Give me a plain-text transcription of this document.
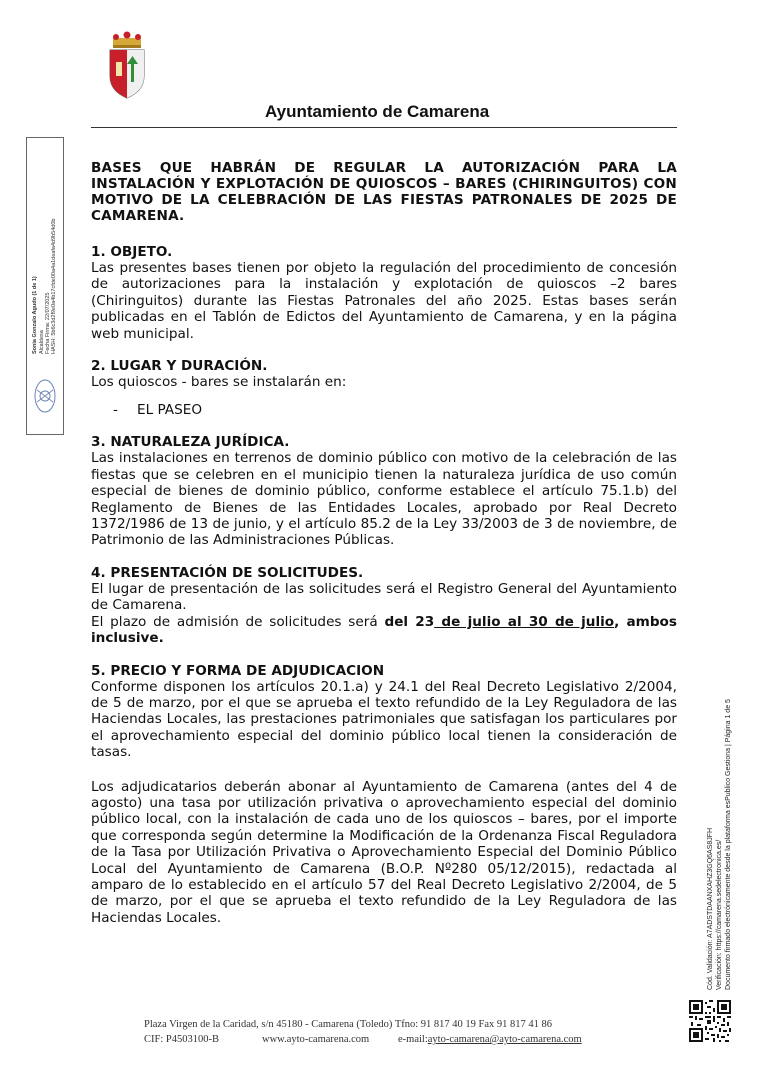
Ayuntamiento de Camarena
Sonia Gonzalo Agudo (1 de 1) Alcaldesa Fecha Firma: 22/07/2025 HASH: 5b6c3d2f9e0a4b17cfde00a4a1deafa4d9b54d0b

BASES QUE HABRÁN DE REGULAR LA AUTORIZACIÓN PARA LA INSTALACIÓN Y EXPLOTACIÓN DE QUIOSCOS – BARES (CHIRINGUITOS) CON MOTIVO DE LA CELEBRACIÓN DE LAS FIESTAS PATRONALES DE 2025 DE CAMARENA.

1. OBJETO.

Las presentes bases tienen por objeto la regulación del procedimiento de concesión de autorizaciones para la instalación y explotación de quioscos –2 bares (Chiringuitos) durante las Fiestas Patronales del año 2025. Estas bases serán publicadas en el Tablón de Edictos del Ayuntamiento de Camarena, y en la página web municipal.

2. LUGAR Y DURACIÓN.

Los quioscos - bares se instalarán en:

- EL PASEO

3. NATURALEZA JURÍDICA.

Las instalaciones en terrenos de dominio público con motivo de la celebración de las fiestas que se celebren en el municipio tienen la naturaleza jurídica de uso común especial de bienes de dominio público, conforme establece el artículo 75.1.b) del Reglamento de Bienes de las Entidades Locales, aprobado por Real Decreto 1372/1986 de 13 de junio, y el artículo 85.2 de la Ley 33/2003 de 3 de noviembre, de Patrimonio de las Administraciones Públicas.

4. PRESENTACIÓN DE SOLICITUDES.

El lugar de presentación de las solicitudes será el Registro General del Ayuntamiento de Camarena.

El plazo de admisión de solicitudes será del 23 de julio al 30 de julio, ambos inclusive.

5. PRECIO Y FORMA DE ADJUDICACION

Conforme disponen los artículos 20.1.a) y 24.1 del Real Decreto Legislativo 2/2004, de 5 de marzo, por el que se aprueba el texto refundido de la Ley Reguladora de las Haciendas Locales, las prestaciones patrimoniales que satisfagan los particulares por el aprovechamiento especial del dominio público local tienen la consideración de tasas.

Los adjudicatarios deberán abonar al Ayuntamiento de Camarena (antes del 4 de agosto) una tasa por utilización privativa o aprovechamiento especial del dominio público local, con la instalación de cada uno de los quioscos – bares, por el importe que corresponda según determine la Modificación de la Ordenanza Fiscal Reguladora de la Tasa por Utilización Privativa o Aprovechamiento Especial del Dominio Público Local del Ayuntamiento de Camarena (B.O.P. Nº280 05/12/2015), redactada al amparo de lo establecido en el artículo 57 del Real Decreto Legislativo 2/2004, de 5 de marzo, por el que se aprueba el texto refundido de la Ley Reguladora de las Haciendas Locales.	Cód. Validación: A7ADSTDAANXAHZ3GQ6AS8JFH Verificación: https://camarena.sedelectronica.es/ Documento firmado electrónicamente desde la plataforma esPublico Gestiona | Página 1 de 5
Plaza Virgen de la Caridad, s/n 45180 - Camarena (Toledo) Tfno: 91 817 40 19 Fax 91 817 41 86
CIF: P4503100-B	www.ayto-camarena.com	e-mail:ayto-camarena@ayto-camarena.com
